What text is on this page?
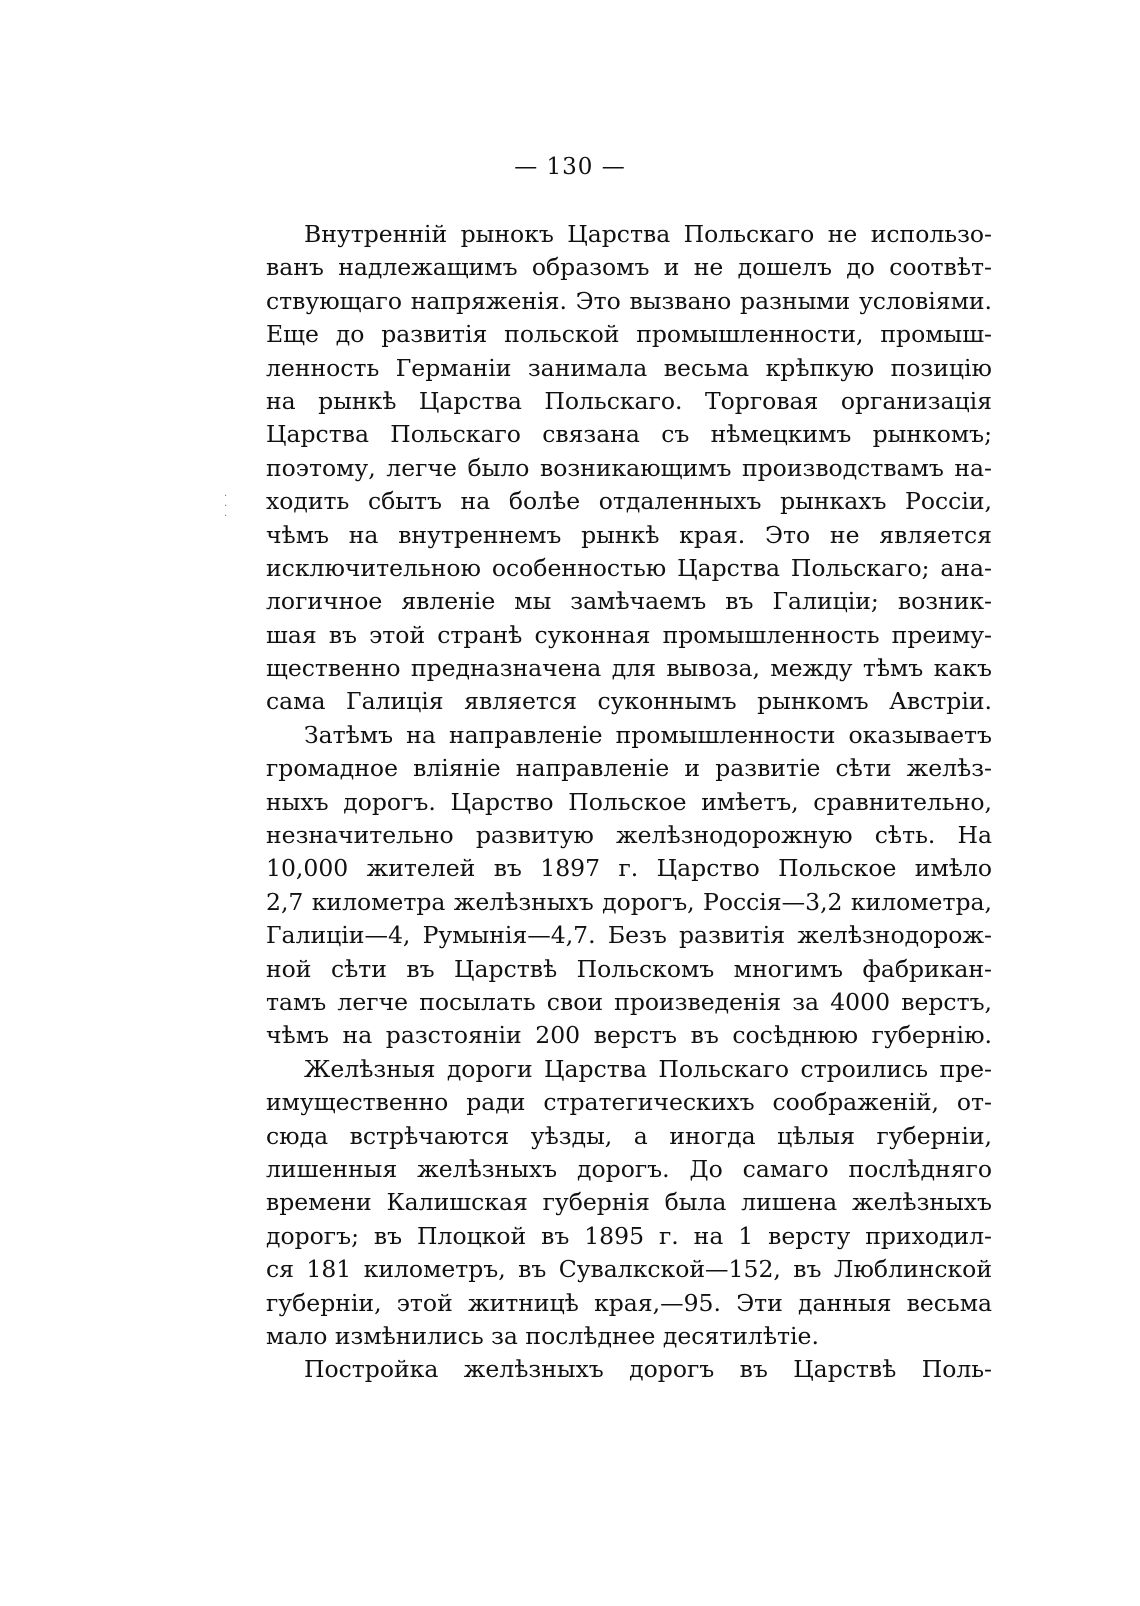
— 130 —
·
·
·

Внутреннiй рынокъ Царства Польскаго не использо-
ванъ надлежащимъ образомъ и не дошелъ до соотвѣт-
ствующаго напряженiя. Это вызвано разными условiями.
Еще до развитiя польской промышленности, промыш-
ленность Германiи занимала весьма крѣпкую позицiю
на рынкѣ Царства Польскаго. Торговая организацiя
Царства Польскаго связана съ нѣмецкимъ рынкомъ;
поэтому, легче было возникающимъ производствамъ на-
ходить сбытъ на болѣе отдаленныхъ рынкахъ Россiи,
чѣмъ на внутреннемъ рынкѣ края. Это не является
исключительною особенностью Царства Польскаго; ана-
логичное явленiе мы замѣчаемъ въ Галицiи; возник-
шая въ этой странѣ суконная промышленность преиму-
щественно предназначена для вывоза, между тѣмъ какъ
сама Галицiя является суконнымъ рынкомъ Австрiи.

Затѣмъ на направленiе промышленности оказываетъ
громадное влiянiе направленiе и развитiе сѣти желѣз-
ныхъ дорогъ. Царство Польское имѣетъ, сравнительно,
незначительно развитую желѣзнодорожную сѣть. На
10,000 жителей въ 1897 г. Царство Польское имѣло
2,7 километра желѣзныхъ дорогъ, Россiя—3,2 километра,
Галицiи—4, Румынiя—4,7. Безъ развитiя желѣзнодорож-
ной сѣти въ Царствѣ Польскомъ многимъ фабрикан-
тамъ легче посылать свои произведенiя за 4000 верстъ,
чѣмъ на разстоянiи 200 верстъ въ сосѣднюю губернiю.

Желѣзныя дороги Царства Польскаго строились пре-
имущественно ради стратегическихъ соображенiй, от-
сюда встрѣчаются уѣзды, а иногда цѣлыя губернiи,
лишенныя желѣзныхъ дорогъ. До самаго послѣдняго
времени Калишская губернiя была лишена желѣзныхъ
дорогъ; въ Плоцкой въ 1895 г. на 1 версту приходил-
ся 181 километръ, въ Сувалкской—152, въ Люблинской
губернiи, этой житницѣ края,—95. Эти данныя весьма
мало измѣнились за послѣднее десятилѣтiе.

Постройка желѣзныхъ дорогъ въ Царствѣ Поль-
